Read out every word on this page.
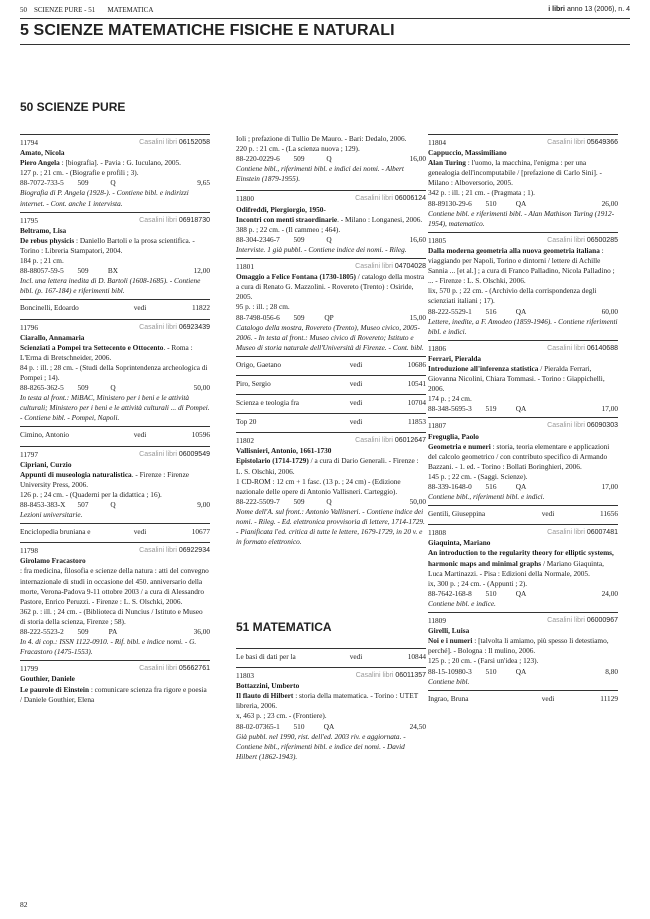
50 SCIENZE PURE - 51 MATEMATICA	i libri anno 13 (2006), n. 4
5 SCIENZE MATEMATICHE FISICHE E NATURALI
50 SCIENZE PURE
11794	Casalini libri 06152058
Amato, Nicola
Piero Angela : [biografia]. - Pavia : G. Iuculano, 2005.
127 p. ; 21 cm. - (Biografie e profili ; 3).
88-7072-733-5	509	Q	9,65
Biografia di P. Angela (1928-). - Contiene bibl. e indirizzi internet. - Cont. anche 1 intervista.
11795	Casalini libri 06918730
Beltramo, Lisa
De rebus physicis : Daniello Bartoli e la prosa scientifica. - Torino : Libreria Stampatori, 2004.
184 p. ; 21 cm.
88-88057-59-5	509	BX	12,00
Incl. una lettera inedita di D. Bartoli (1608-1685). - Contiene bibl. (p. 167-184) e riferimenti bibl.
Boncinelli, Edoardo	vedi	11822
11796	Casalini libri 06923439
Ciarallo, Annamaria
Scienziati a Pompei tra Settecento e Ottocento. - Roma : L'Erma di Bretschneider, 2006.
84 p. : ill. ; 28 cm. - (Studi della Soprintendenza archeologica di Pompei ; 14).
88-8265-362-5	509	Q	50,00
In testa al front.: MiBAC, Ministero per i beni e le attività culturali; Ministero per i beni e le attività culturali ... di Pompei. - Contiene bibl. - Pompei, Napoli.
Cimino, Antonio	vedi	10596
11797	Casalini libri 06009549
Cipriani, Curzio
Appunti di museologia naturalistica. - Firenze : Firenze University Press, 2006.
126 p. ; 24 cm. - (Quaderni per la didattica ; 16).
88-8453-383-X	507	Q	9,00
Lezioni universitarie.
Enciclopedia bruniana e	vedi	10677
11798	Casalini libri 06922934
Girolamo Fracastoro
: fra medicina, filosofia e scienze della natura : atti del convegno internazionale di studi in occasione del 450. anniversario della morte, Verona-Padova 9-11 ottobre 2003 / a cura di Alessandro Pastore, Enrico Peruzzi. - Firenze : L. S. Olschki, 2006.
362 p. : ill. ; 24 cm. - (Biblioteca di Nuncius / Istituto e Museo di storia della scienza, Firenze ; 58).
88-222-5523-2	509	PA	36,00
In 4. di cop.: ISSN 1122-0910. - Rif. bibl. e indice nomi. - G. Fracastoro (1475-1553).
11799	Casalini libri 05662761
Gouthier, Daniele
Le paurole di Einstein : comunicare scienza fra rigore e poesia / Daniele Gouthier, Elena
Ioli ; prefazione di Tullio De Mauro. - Bari: Dedalo, 2006.
220 p. : 21 cm. - (La scienza nuova ; 129).
88-220-0229-6	509	Q	16,00
Contiene bibl., riferimenti bibl. e indici dei nomi. - Albert Einstein (1879-1955).
11800	Casalini libri 06006124
Odifreddi, Piergiorgio, 1950-
Incontri con menti straordinarie. - Milano : Longanesi, 2006.
388 p. ; 22 cm. - (Il cammeo ; 464).
88-304-2346-7	509	Q	16,60
Interviste. 1 già pubbl. - Contiene indice dei nomi. - Rileg.
11801	Casalini libri 04704028
Omaggio a Felice Fontana (1730-1805) / catalogo della mostra a cura di Renato G. Mazzolini. - Rovereto (Trento) : Osiride, 2005.
95 p. : ill. ; 28 cm.
88-7498-056-6	509	QP	15,00
Catalogo della mostra, Rovereto (Trento), Museo civico, 2005-2006. - In testa al front.: Museo civico di Rovereto; Istituto e Museo di storia naturale dell'Università di Firenze. - Cont. bibl.
Origo, Gaetano	vedi	10686
Piro, Sergio	vedi	10541
Scienza e teologia fra	vedi	10704
Top 20	vedi	11853
11802	Casalini libri 06012647
Vallisnieri, Antonio, 1661-1730
Epistolario (1714-1729) / a cura di Dario Generali. - Firenze : L. S. Olschki, 2006.
1 CD-ROM : 12 cm + 1 fasc. (13 p. ; 24 cm) - (Edizione nazionale delle opere di Antonio Vallisneri. Carteggio).
88-222-5509-7	509	Q	50,00
Nome dell'A. sul front.: Antonio Vallisneri. - Contiene indice dei nomi. - Rileg. - Ed. elettronica provvisoria di lettere, 1714-1729. - Pianificata l'ed. critica di tutte le lettere, 1679-1729, in 20 v. e in formato elettronico.
51 MATEMATICA
Le basi di dati per la	vedi	10844
11803	Casalini libri 06011357
Bottazzini, Umberto
Il flauto di Hilbert : storia della matematica. - Torino : UTET libreria, 2006.
x, 463 p. ; 23 cm. - (Frontiere).
88-02-07365-1	510	QA	24,50
Già pubbl. nel 1990, rist. dell'ed. 2003 riv. e aggiornata. - Contiene bibl., riferimenti bibl. e indice dei nomi. - David Hilbert (1862-1943).
11804	Casalini libri 05649366
Cappuccio, Massimiliano
Alan Turing : l'uomo, la macchina, l'enigma : per una genealogia dell'incomputabile / [prefazione di Carlo Sini]. - Milano : Alboversorio, 2005.
342 p. : ill. ; 21 cm. - (Pragmata ; 1).
88-89130-29-6	510	QA	26,00
Contiene bibl. e riferimenti bibl. - Alan Mathison Turing (1912-1954), matematico.
11805	Casalini libri 06500285
Dalla moderna geometria alla nuova geometria italiana : viaggiando per Napoli, Torino e dintorni / lettere di Achille Sannia ... [et al.] ; a cura di Franco Palladino, Nicola Palladino ; ... - Firenze : L. S. Olschki, 2006.
lix, 570 p. ; 22 cm. - (Archivio della corrispondenza degli scienziati italiani ; 17).
88-222-5529-1	516	QA	60,00
Lettere, inedite, a F. Amodeo (1859-1946). - Contiene riferimenti bibl. e indici.
11806	Casalini libri 06140688
Ferrari, Pieralda
Introduzione all'inferenza statistica / Pieralda Ferrari, Giovanna Nicolini, Chiara Tommasi. - Torino : Giappichelli, 2006.
174 p. ; 24 cm.
88-348-5695-3	519	QA	17,00
11807	Casalini libri 06090303
Freguglia, Paolo
Geometria e numeri : storia, teoria elementare e applicazioni del calcolo geometrico / con contributo specifico di Armando Bazzani. - 1. ed. - Torino : Bollati Boringhieri, 2006.
145 p. ; 22 cm. - (Saggi. Scienze).
88-339-1648-0	516	QA	17,00
Contiene bibl., riferimenti bibl. e indici.
Gentili, Giuseppina	vedi	11656
11808	Casalini libri 06007481
Giaquinta, Mariano
An introduction to the regularity theory for elliptic systems, harmonic maps and minimal graphs / Mariano Giaquinta, Luca Martinazzi. - Pisa : Edizioni della Normale, 2005.
ix, 300 p. ; 24 cm. - (Appunti ; 2).
88-7642-168-8	510	QA	24,00
Contiene bibl. e indice.
11809	Casalini libri 06000967
Girelli, Luisa
Noi e i numeri : [talvolta li amiamo, più spesso li detestiamo, perché]. - Bologna : Il mulino, 2006.
125 p. ; 20 cm. - (Farsi un'idea ; 123).
88-15-10980-3	510	QA	8,80
Contiene bibl.
Ingrao, Bruna	vedi	11129
82
